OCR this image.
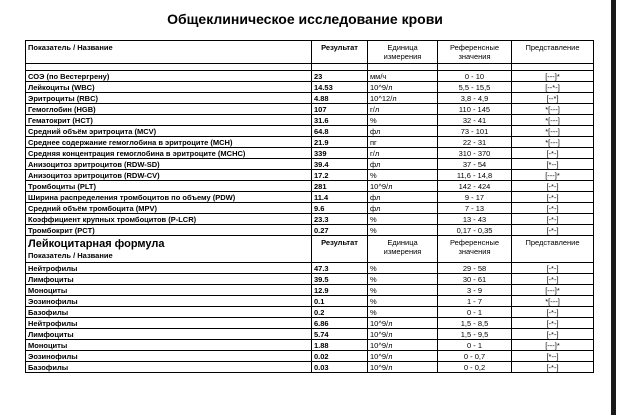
Общеклиническое исследование крови
Показатель / Название	Результат	Единица измерения	Референсные значения	Представление

СОЭ (по Вестергрену)	23	мм/ч	0 - 10	[---]*
Лейкоциты (WBC)	14.53	10^9/л	5,5 - 15,5	[--*-]
Эритроциты (RBC)	4.88	10^12/л	3,8 - 4,9	[--*]
Гемоглобин (HGB)	107	г/л	110 - 145	*[---]
Гематокрит (HCT)	31.6	%	32 - 41	*[---]
Средний объём эритроцита (MCV)	64.8	фл	73 - 101	*[---]
Среднее содержание гемоглобина в эритроците (MCH)	21.9	пг	22 - 31	*[---]
Средняя концентрация гемоглобина в эритроците (MCHC)	339	г/л	310 - 370	[-*-]
Анизоцитоз эритроцитов (RDW-SD)	39.4	фл	37 - 54	[*--]
Анизоцитоз эритроцитов (RDW-CV)	17.2	%	11,6 - 14,8	[---]*
Тромбоциты (PLT)	281	10^9/л	142 - 424	[-*-]
Ширина распределения тромбоцитов по объему (PDW)	11.4	фл	9 - 17	[-*-]
Средний объём тромбоцита (MPV)	9.6	фл	7 - 13	[-*-]
Коэффициент крупных тромбоцитов (P-LCR)	23.3	%	13 - 43	[-*-]
Тромбокрит (PCT)	0.27	%	0,17 - 0,35	[-*-]
Лейкоцитарная формула
Показатель / Название	Результат	Единица измерения	Референсные значения	Представление
Нейтрофилы	47.3	%	29 - 58	[-*-]
Лимфоциты	39.5	%	30 - 61	[-*-]
Моноциты	12.9	%	3 - 9	[---]*
Эозинофилы	0.1	%	1 - 7	*[---]
Базофилы	0.2	%	0 - 1	[-*-]
Нейтрофилы	6.86	10^9/л	1,5 - 8,5	[-*-]
Лимфоциты	5.74	10^9/л	1,5 - 9,5	[-*-]
Моноциты	1.88	10^9/л	0 - 1	[---]*
Эозинофилы	0.02	10^9/л	0 - 0,7	[*--]
Базофилы	0.03	10^9/л	0 - 0,2	[-*-]
